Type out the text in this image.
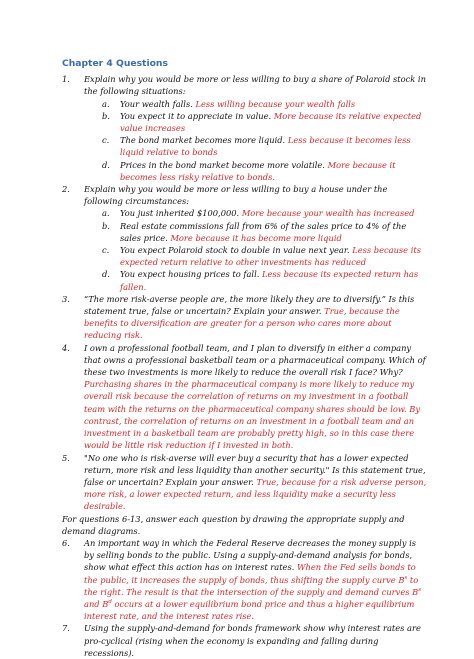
Chapter 4 Questions
1. Explain why you would be more or less willing to buy a share of Polaroid stock in the following situations:
a. Your wealth falls. Less willing because your wealth falls
b. You expect it to appreciate in value. More because its relative expected value increases
c. The bond market becomes more liquid. Less because it becomes less liquid relative to bonds
d. Prices in the bond market become more volatile. More because it becomes less risky relative to bonds.
2. Explain why you would be more or less willing to buy a house under the following circumstances:
a. You just inherited $100,000. More because your wealth has increased
b. Real estate commissions fall from 6% of the sales price to 4% of the sales price. More because it has become more liquid
c. You expect Polaroid stock to double in value next year. Less because its expected return relative to other investments has reduced
d. You expect housing prices to fall. Less because its expected return has fallen.
3. “The more risk-averse people are, the more likely they are to diversify.” Is this statement true, false or uncertain? Explain your answer. True, because the benefits to diversification are greater for a person who cares more about reducing risk.
4. I own a professional football team, and I plan to diversify in either a company that owns a professional basketball team or a pharmaceutical company. Which of these two investments is more likely to reduce the overall risk I face? Why? Purchasing shares in the pharmaceutical company is more likely to reduce my overall risk because the correlation of returns on my investment in a football team with the returns on the pharmaceutical company shares should be low. By contrast, the correlation of returns on an investment in a football team and an investment in a basketball team are probably pretty high, so in this case there would be little risk reduction if I invested in both.
5. "No one who is risk-averse will ever buy a security that has a lower expected return, more risk and less liquidity than another security." Is this statement true, false or uncertain? Explain your answer. True, because for a risk adverse person, more risk, a lower expected return, and less liquidity make a security less desirable.
For questions 6-13, answer each question by drawing the appropriate supply and demand diagrams.
6. An important way in which the Federal Reserve decreases the money supply is by selling bonds to the public. Using a supply-and-demand analysis for bonds, show what effect this action has on interest rates. When the Fed sells bonds to the public, it increases the supply of bonds, thus shifting the supply curve $B^s$ to the right. The result is that the intersection of the supply and demand curves $B^s$ and $B^d$ occurs at a lower equilibrium bond price and thus a higher equilibrium interest rate, and the interest rates rise.
7. Using the supply-and-demand for bonds framework show why interest rates are pro-cyclical (rising when the economy is expanding and falling during recessions).
